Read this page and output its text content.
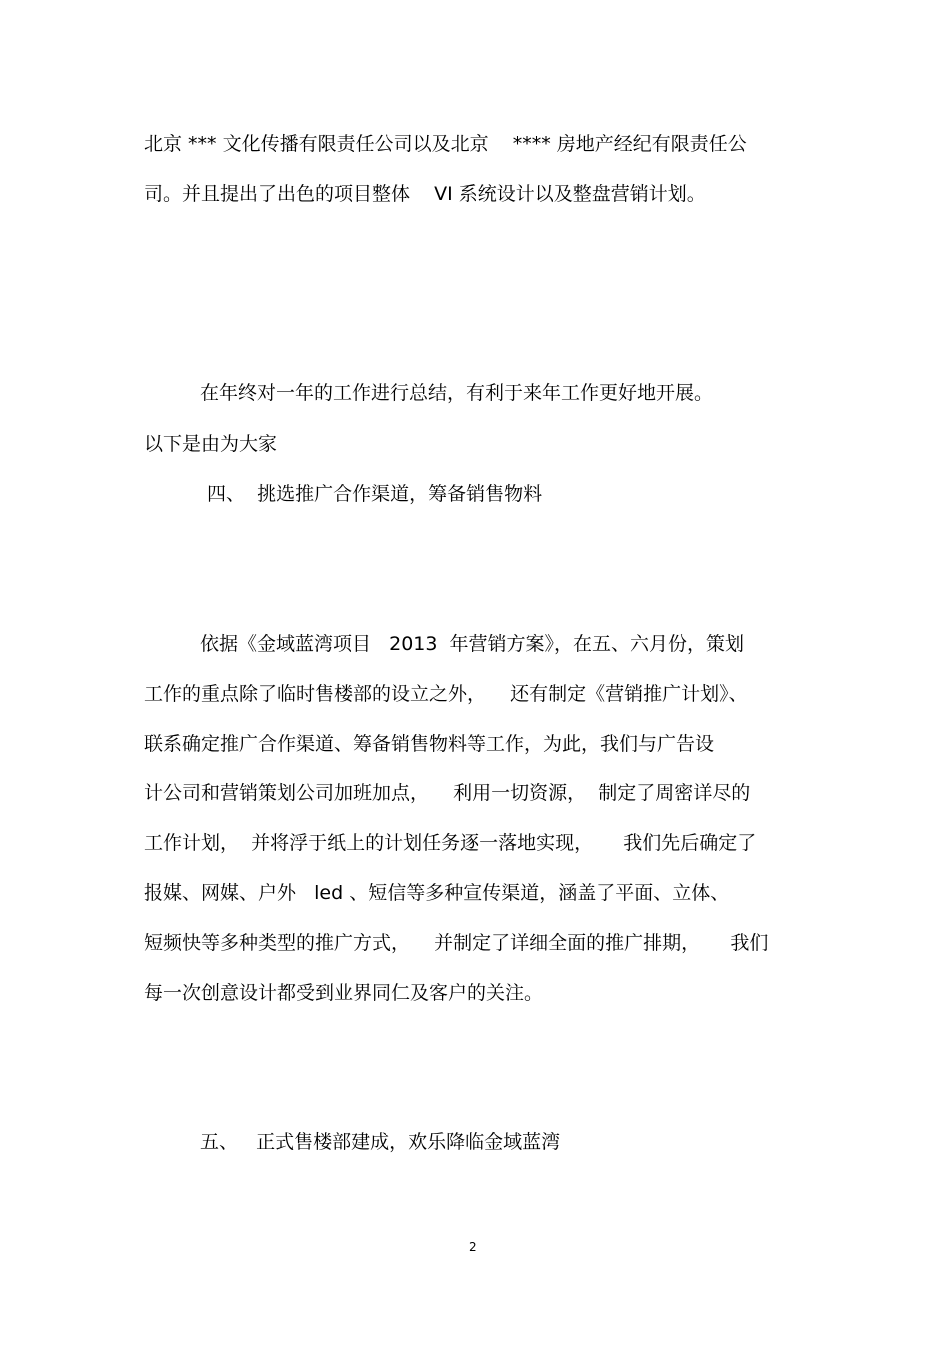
北京 *** 文化传播有限责任公司以及北京    **** 房地产经纪有限责任公
司。并且提出了出色的项目整体    VI 系统设计以及整盘营销计划。
在年终对一年的工作进行总结，有利于来年工作更好地开展。
以下是由为大家
四、  挑选推广合作渠道，筹备销售物料
依据《金域蓝湾项目   2013  年营销方案》，在五、六月份，策划
工作的重点除了临时售楼部的设立之外，    还有制定《营销推广计划》、
联系确定推广合作渠道、筹备销售物料等工作，为此，我们与广告设
计公司和营销策划公司加班加点，    利用一切资源，  制定了周密详尽的
工作计划，  并将浮于纸上的计划任务逐一落地实现，     我们先后确定了
报媒、网媒、户外   led 、短信等多种宣传渠道，涵盖了平面、立体、
短频快等多种类型的推广方式，    并制定了详细全面的推广排期，     我们
每一次创意设计都受到业界同仁及客户的关注。
五、   正式售楼部建成，欢乐降临金域蓝湾
2
